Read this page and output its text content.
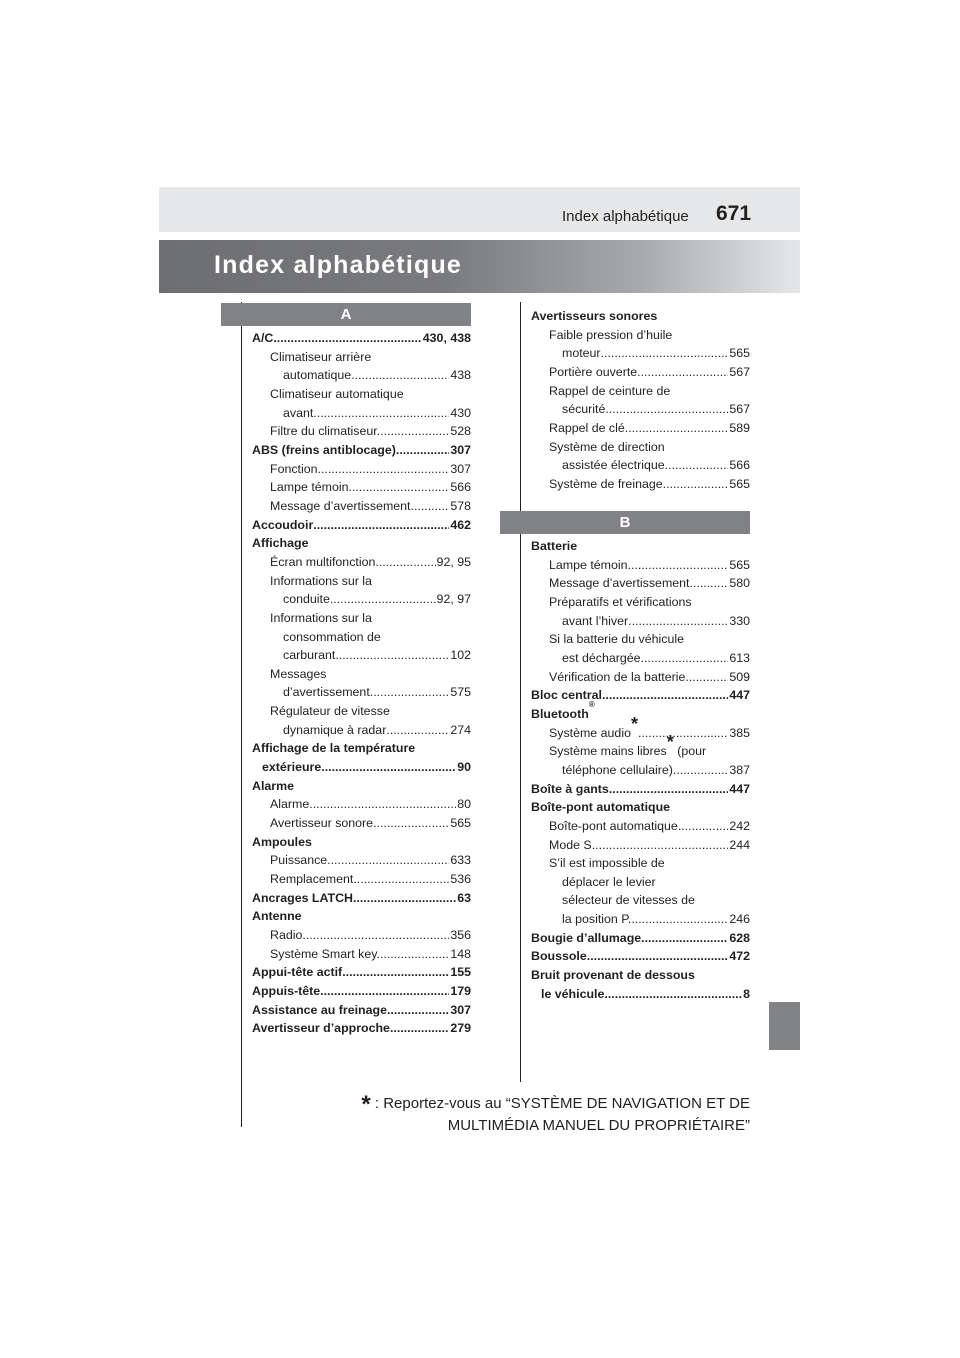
Index alphabétique 671
Index alphabétique
A
B
A/C .....	430, 438
Climatiseur arrière
automatique .....	438
Climatiseur automatique
avant. .....	430
Filtre du climatiseur. .....	528
ABS (freins antiblocage) .....	307
Fonction .....	307
Lampe témoin .....	566
Message d’avertissement .....	578
Accoudoir .....	462
Affichage
Écran multifonction .....	92, 95
Informations sur la
conduite .....	92, 97
Informations sur la
consommation de
carburant .....	102
Messages
d’avertissement .....	575
Régulateur de vitesse
dynamique à radar .....	274
Affichage de la température
extérieure .....	90
Alarme
Alarme .....	80
Avertisseur sonore .....	565
Ampoules
Puissance .....	633
Remplacement. .....	536
Ancrages LATCH .....	63
Antenne
Radio .....	356
Système Smart key. .....	148
Appui-tête actif .....	155
Appuis-tête .....	179
Assistance au freinage .....	307
Avertisseur d’approche .....	279
Avertisseurs sonores
Faible pression d’huile
moteur .....	565
Portière ouverte .....	567
Rappel de ceinture de
sécurité. .....	567
Rappel de clé. .....	589
Système de direction
assistée électrique .....	566
Système de freinage .....	565
Batterie
Lampe témoin .....	565
Message d’avertissement .....	580
Préparatifs et vérifications
avant l’hiver .....	330
Si la batterie du véhicule
est déchargée .....	613
Vérification de la batterie .....	509
Bloc central .....	447
Bluetooth
®
Système audio * .....	385
Système mains libres * (pour
téléphone cellulaire) .....	387
Boîte à gants .....	447
Boîte-pont automatique
Boîte-pont automatique .....	242
Mode S .....	244
S’il est impossible de
déplacer le levier
sélecteur de vitesses de
la position P. .....	246
Bougie d’allumage .....	628
Boussole .....	472
Bruit provenant de dessous
le véhicule. .....	8
* : Reportez-vous au “SYSTÈME DE NAVIGATION ET DE
MULTIMÉDIA MANUEL DU PROPRIÉTAIRE”
